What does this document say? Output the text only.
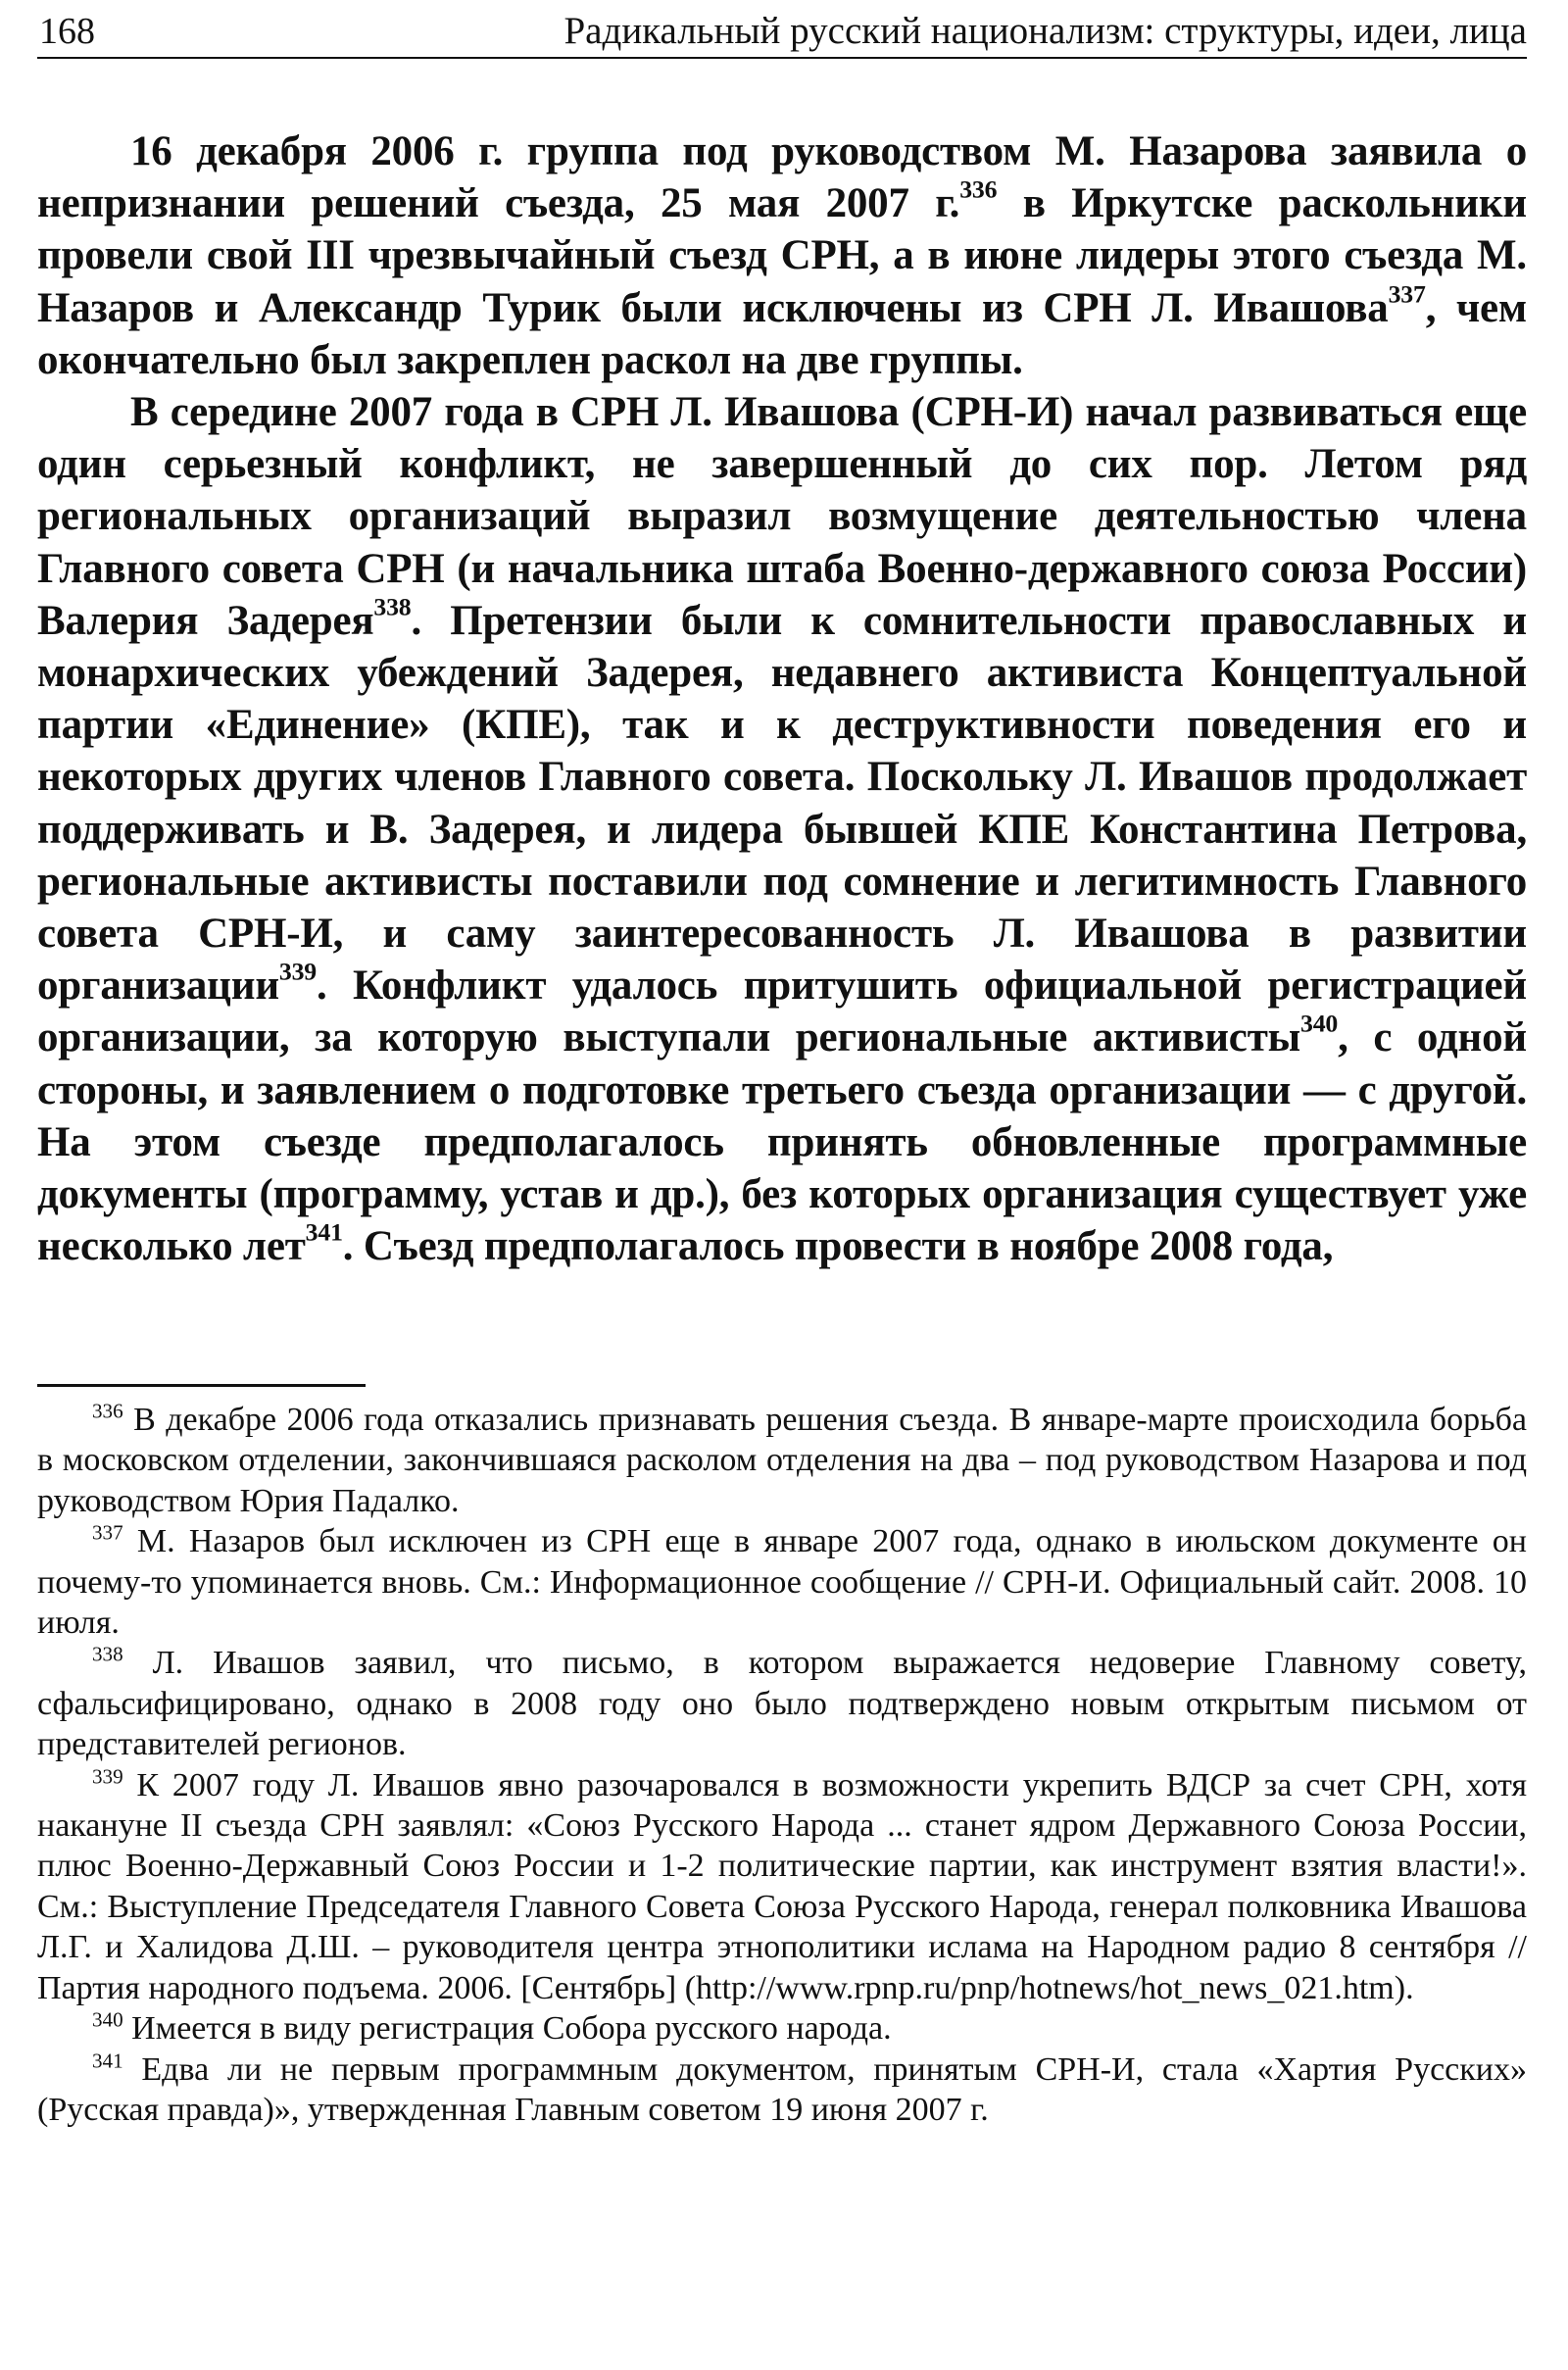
168	Радикальный русский национализм: структуры, идеи, лица

16 декабря 2006 г. группа под руководством М. Назарова заявила о непризнании решений съезда, 25 мая 2007 г.$^{336}$ в Иркутске раскольники провели свой III чрезвычайный съезд СРН, а в июне лидеры этого съезда М. Назаров и Александр Турик были исключены из СРН Л. Ивашова$^{337}$, чем окончательно был закреплен раскол на две группы.

В середине 2007 года в СРН Л. Ивашова (СРН-И) начал развиваться еще один серьезный конфликт, не завершенный до сих пор. Летом ряд региональных организаций выразил возмущение деятельностью члена Главного совета СРН (и начальника штаба Военно-державного союза России) Валерия Задерея$^{338}$. Претензии были к сомнительности православных и монархических убеждений Задерея, недавнего активиста Концептуальной партии «Единение» (КПЕ), так и к деструктивности поведения его и некоторых других членов Главного совета. Поскольку Л. Ивашов продолжает поддерживать и В. Задерея, и лидера бывшей КПЕ Константина Петрова, региональные активисты поставили под сомнение и легитимность Главного совета СРН-И, и саму заинтересованность Л. Ивашова в развитии организации$^{339}$. Конфликт удалось притушить официальной регистрацией организации, за которую выступали региональные активисты$^{340}$, с одной стороны, и заявлением о подготовке третьего съезда организации — с другой. На этом съезде предполагалось принять обновленные программные документы (программу, устав и др.), без которых организация существует уже несколько лет$^{341}$. Съезд предполагалось провести в ноябре 2008 года,

$^{336}$ В декабре 2006 года отказались признавать решения съезда. В январе-марте происходила борьба в московском отделении, закончившаяся расколом отделения на два – под руководством Назарова и под руководством Юрия Падалко.

$^{337}$ М. Назаров был исключен из СРН еще в январе 2007 года, однако в июльском документе он почему-то упоминается вновь. См.: Информационное сообщение // СРН-И. Официальный сайт. 2008. 10 июля.

$^{338}$ Л. Ивашов заявил, что письмо, в котором выражается недоверие Главному совету, сфальсифицировано, однако в 2008 году оно было подтверждено новым открытым письмом от представителей регионов.

$^{339}$ К 2007 году Л. Ивашов явно разочаровался в возможности укрепить ВДСР за счет СРН, хотя накануне II съезда СРН заявлял: «Союз Русского Народа ... станет ядром Державного Союза России, плюс Военно-Державный Союз России и 1-2 политические партии, как инструмент взятия власти!». См.: Выступление Председателя Главного Совета Союза Русского Народа, генерал полковника Ивашова Л.Г. и Халидова Д.Ш. – руководителя центра этнополитики ислама на Народном радио 8 сентября // Партия народного подъема. 2006. [Сентябрь] (http://www.rpnp.ru/pnp/hotnews/hot_news_021.htm).

$^{340}$ Имеется в виду регистрация Собора русского народа.

$^{341}$ Едва ли не первым программным документом, принятым СРН-И, стала «Хартия Русских» (Русская правда)», утвержденная Главным советом 19 июня 2007 г.
